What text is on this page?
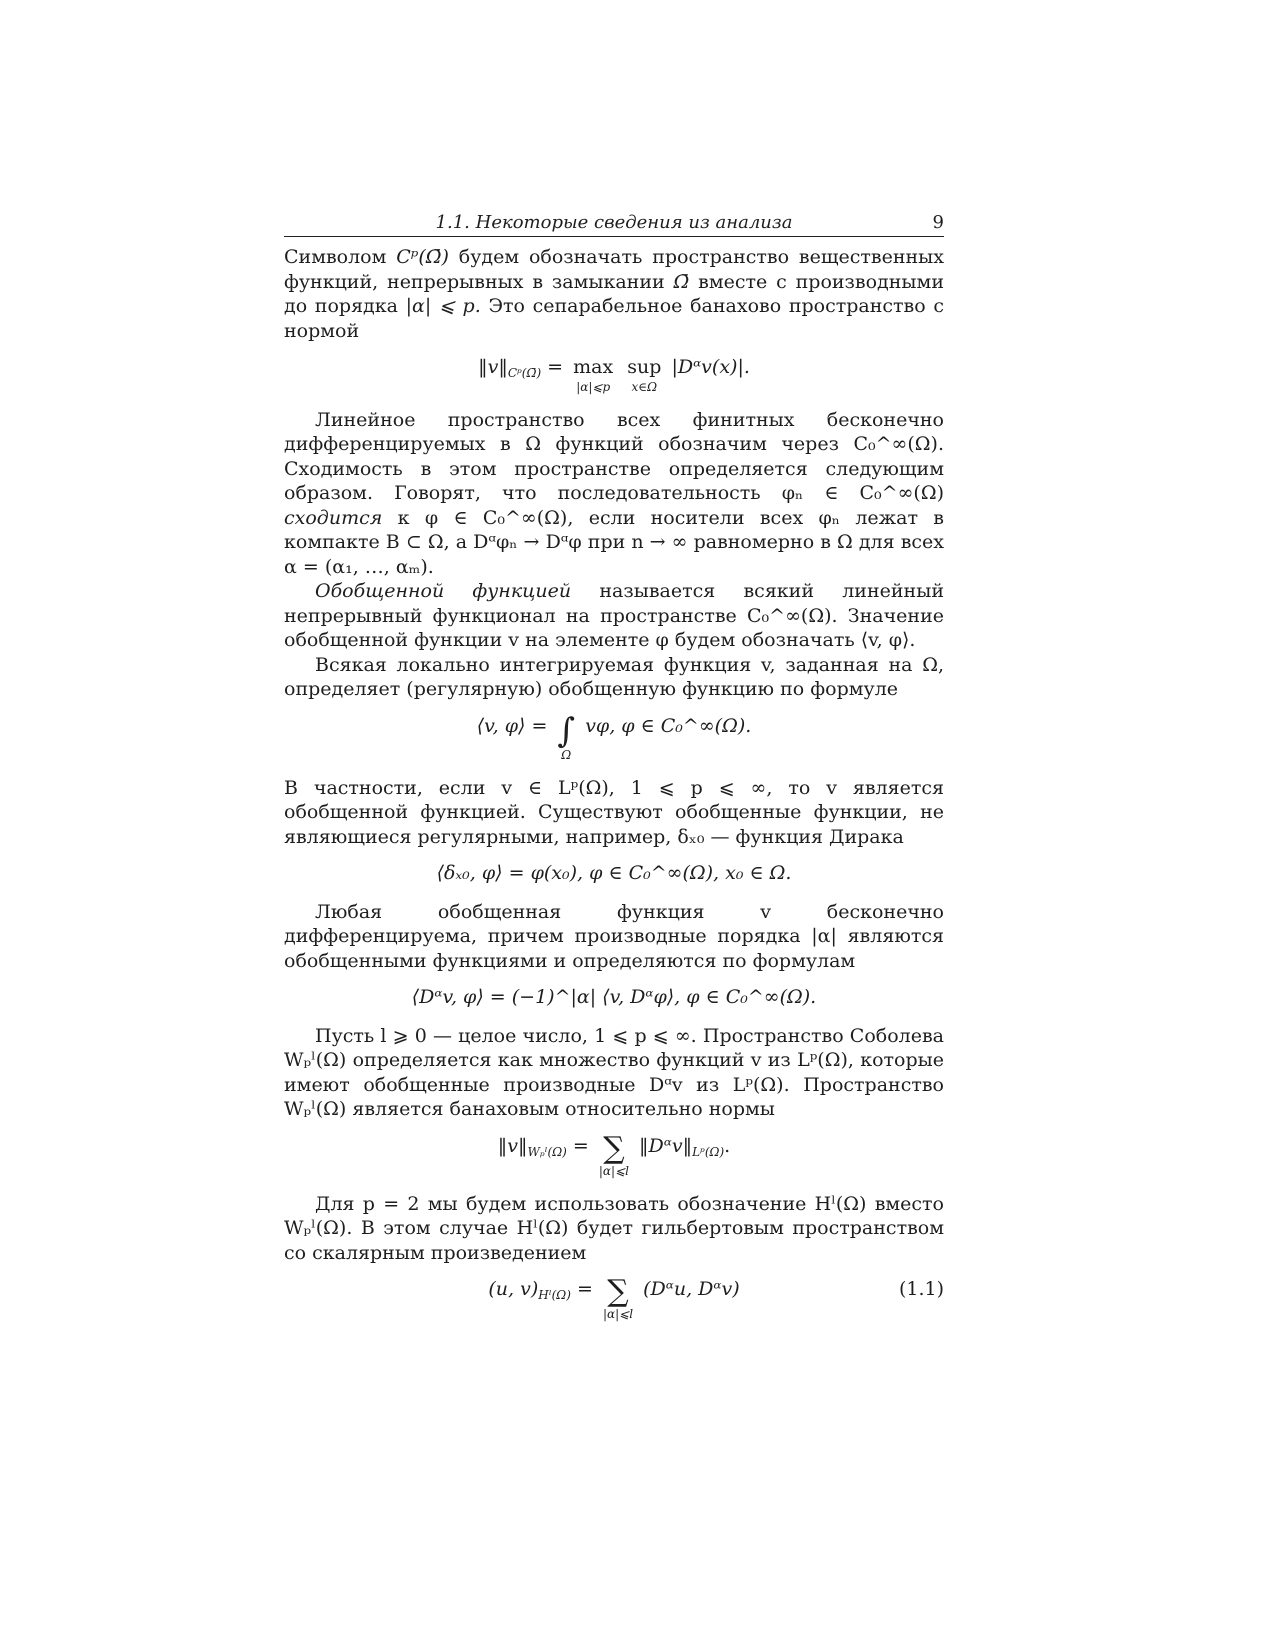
1.1. Некоторые сведения из анализа	9

Символом Cᵖ(Ω̄) будем обозначать пространство вещественных функций, непрерывных в замыкании Ω̄ вместе с производными до порядка |α| ⩽ p. Это сепарабельное банахово пространство с нормой

$‖v‖_{Cᵖ(\Omegā)} = \max$
|α|⩽p

sup
x∈Ω
|Dᵅv(x)|.

Линейное пространство всех финитных бесконечно дифференцируемых в Ω функций обозначим через C₀^∞(Ω). Сходимость в этом пространстве определяется следующим образом. Говорят, что последовательность φₙ ∈ C₀^∞(Ω) сходится к φ ∈ C₀^∞(Ω), если носители всех φₙ лежат в компакте B ⊂ Ω, а Dᵅφₙ → Dᵅφ при n → ∞ равномерно в Ω для всех α = (α₁, …, αₘ).

Обобщенной функцией называется всякий линейный непрерывный функционал на пространстве C₀^∞(Ω). Значение обобщенной функции v на элементе φ будем обозначать ⟨v, φ⟩.

Всякая локально интегрируемая функция v, заданная на Ω, определяет (регулярную) обобщенную функцию по формуле

⟨v, φ⟩ = ∫
Ω
vφ, φ ∈ C₀^∞(Ω).

В частности, если v ∈ Lᵖ(Ω), 1 ⩽ p ⩽ ∞, то v является обобщенной функцией. Существуют обобщенные функции, не являющиеся регулярными, например, δₓ₀ — функция Дирака

⟨δₓ₀, φ⟩ = φ(x₀), φ ∈ C₀^∞(Ω), x₀ ∈ Ω.

Любая обобщенная функция v бесконечно дифференцируема, причем производные порядка |α| являются обобщенными функциями и определяются по формулам

⟨Dᵅv, φ⟩ = (−1)^|α| ⟨v, Dᵅφ⟩, φ ∈ C₀^∞(Ω).

Пусть l ⩾ 0 — целое число, 1 ⩽ p ⩽ ∞. Пространство Соболева Wₚˡ(Ω) определяется как множество функций v из Lᵖ(Ω), которые имеют обобщенные производные Dᵅv из Lᵖ(Ω). Пространство Wₚˡ(Ω) является банаховым относительно нормы

$‖v‖_{W_pˡ(\Omega)}$ = ∑
|α|⩽l
$‖Dᵅv‖_{Lᵖ(\Omega)}$.

Для p = 2 мы будем использовать обозначение Hˡ(Ω) вместо Wₚˡ(Ω). В этом случае Hˡ(Ω) будет гильбертовым пространством со скалярным произведением

(u, $v)_{Hˡ(\Omega)}$ = ∑
|α|⩽l
(Dᵅu, Dᵅv)	(1.1)
